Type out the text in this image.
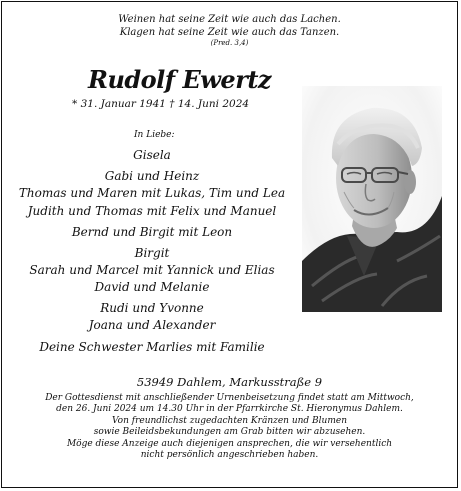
Weinen hat seine Zeit wie auch das Lachen.
Klagen hat seine Zeit wie auch das Tanzen.
(Pred. 3,4)
Rudolf Ewertz
* 31. Januar 1941 † 14. Juni 2024
In Liebe:
Gisela
Gabi und Heinz
Thomas und Maren mit Lukas, Tim und Lea
Judith und Thomas mit Felix und Manuel
Bernd und Birgit mit Leon
Birgit
Sarah und Marcel mit Yannick und Elias
David und Melanie
Rudi und Yvonne
Joana und Alexander
Deine Schwester Marlies mit Familie
53949 Dahlem, Markusstraße 9
Der Gottesdienst mit anschließender Urnenbeisetzung findet statt am Mittwoch,
den 26. Juni 2024 um 14.30 Uhr in der Pfarrkirche St. Hieronymus Dahlem.
Von freundlichst zugedachten Kränzen und Blumen
sowie Beileidsbekundungen am Grab bitten wir abzusehen.
Möge diese Anzeige auch diejenigen ansprechen, die wir versehentlich
nicht persönlich angeschrieben haben.
